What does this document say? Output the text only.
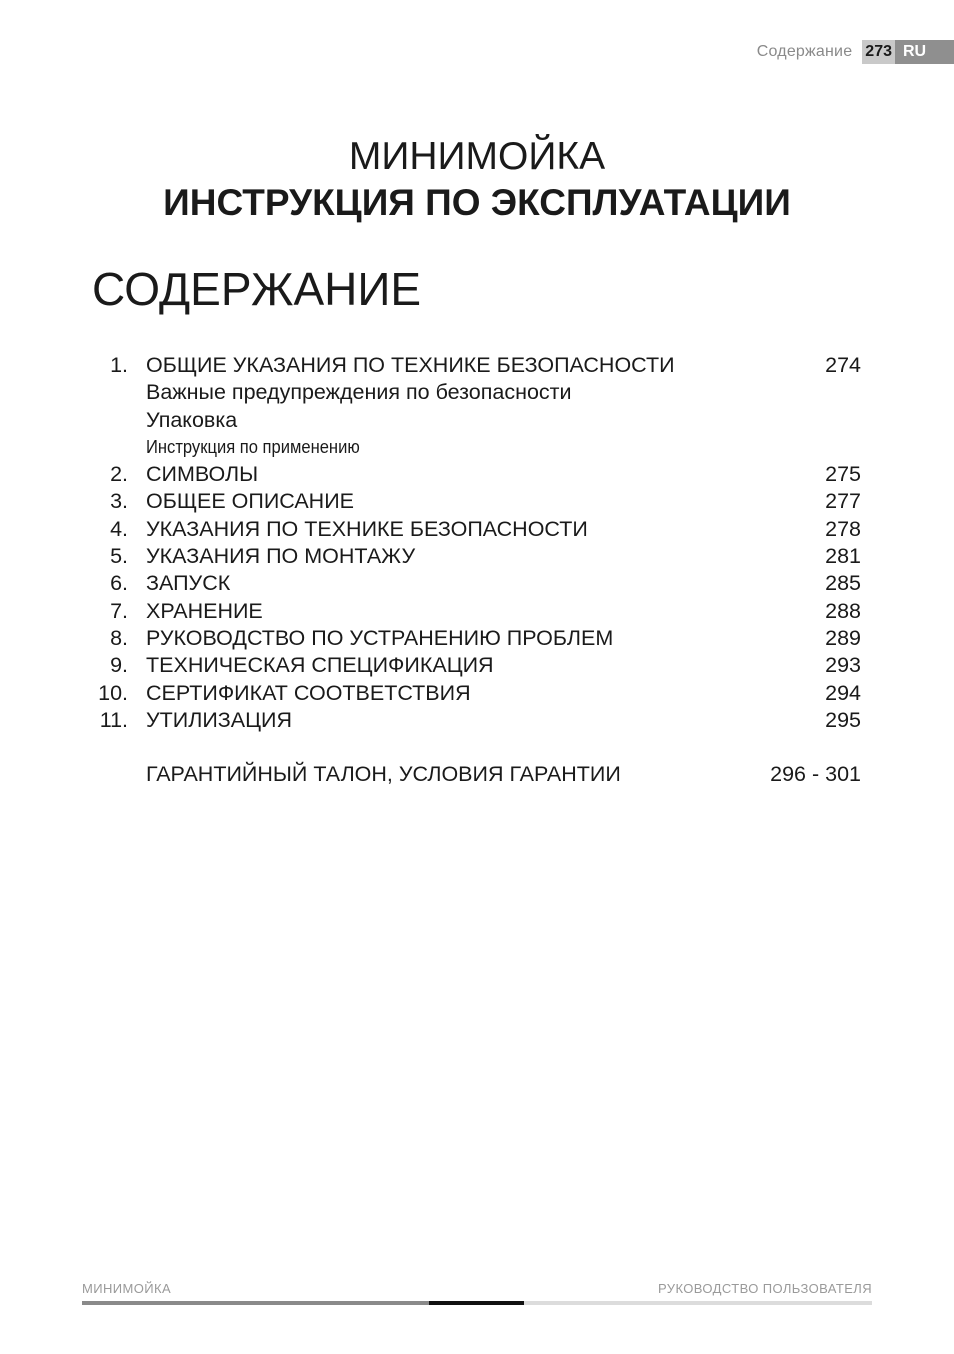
Содержание 273 RU
МИНИМОЙКА
ИНСТРУКЦИЯ ПО ЭКСПЛУАТАЦИИ
СОДЕРЖАНИЕ
1. ОБЩИЕ УКАЗАНИЯ ПО ТЕХНИКЕ БЕЗОПАСНОСТИ	274
Важные предупреждения по безопасности
Упаковка
Инструкция по применению
2. СИМВОЛЫ	275
3. ОБЩЕЕ ОПИСАНИЕ	277
4. УКАЗАНИЯ ПО ТЕХНИКЕ БЕЗОПАСНОСТИ	278
5. УКАЗАНИЯ ПО МОНТАЖУ	281
6. ЗАПУСК	285
7. ХРАНЕНИЕ	288
8. РУКОВОДСТВО ПО УСТРАНЕНИЮ ПРОБЛЕМ	289
9. ТЕХНИЧЕСКАЯ СПЕЦИФИКАЦИЯ	293
10. СЕРТИФИКАТ СООТВЕТСТВИЯ	294
11. УТИЛИЗАЦИЯ	295
ГАРАНТИЙНЫЙ ТАЛОН, УСЛОВИЯ ГАРАНТИИ	296 - 301
МИНИМОЙКА	РУКОВОДСТВО ПОЛЬЗОВАТЕЛЯ
